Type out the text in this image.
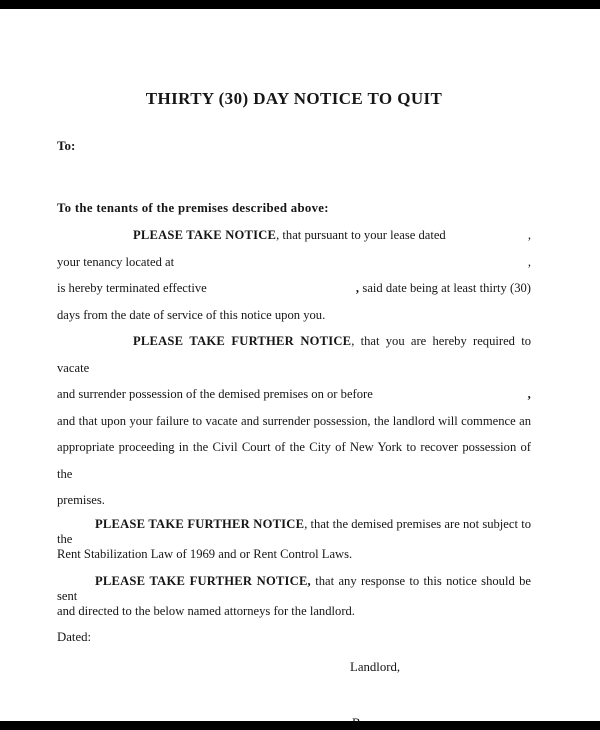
THIRTY (30) DAY NOTICE TO QUIT
To:
To the tenants of the premises described above:
PLEASE TAKE NOTICE, that pursuant to your lease dated	,
your tenancy located at	,
is hereby terminated effective	, said date being at least thirty (30)
days from the date of service of this notice upon you.
PLEASE TAKE FURTHER NOTICE, that you are hereby required to vacate
and surrender possession of the demised premises on or before	,
and that upon your failure to vacate and surrender possession, the landlord will commence an
appropriate proceeding in the Civil Court of the City of New York to recover possession of the
premises.
PLEASE TAKE FURTHER NOTICE, that the demised premises are not subject to the
Rent Stabilization Law of 1969 and or Rent Control Laws.
PLEASE TAKE FURTHER NOTICE, that any response to this notice should be sent
and directed to the below named attorneys for the landlord.
Dated:
Landlord,
